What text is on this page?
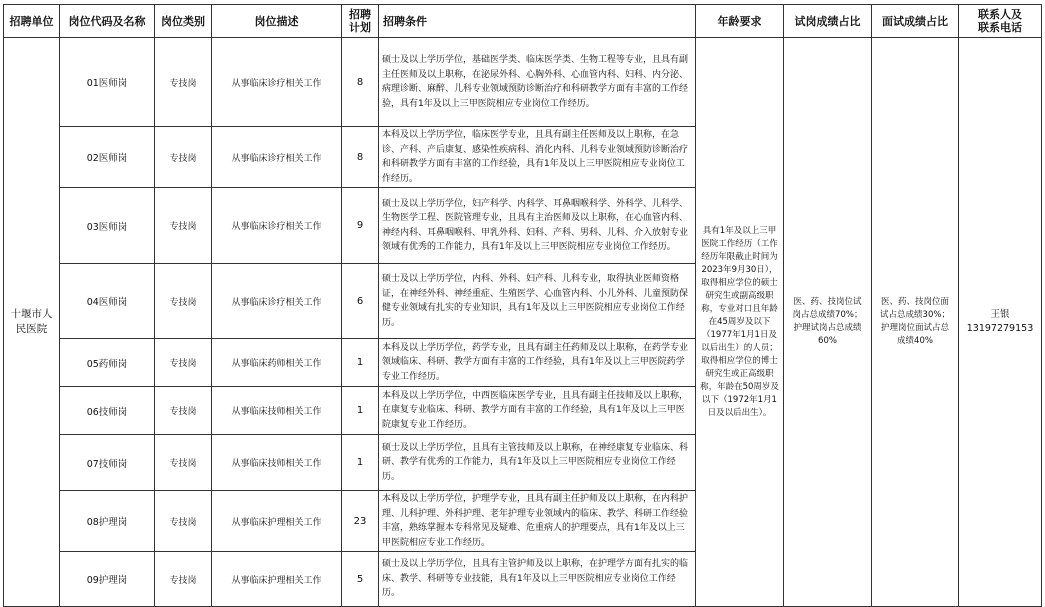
招聘单位	岗位代码及名称	岗位类别	岗位描述	招聘
计划	招聘条件	年龄要求	试岗成绩占比	面试成绩占比	联系人及
联系电话
十堰市人民医院	01医师岗	专技岗	从事临床诊疗相关工作	8	硕士及以上学历学位，基础医学类、临床医学类、生物工程等专业，且具有副主任医师及以上职称，在泌尿外科、心胸外科、心血管内科、妇科、内分泌、病理诊断、麻醉、儿科专业领域预防诊断治疗和科研教学方面有丰富的工作经验，具有1年及以上三甲医院相应专业岗位工作经历。	具有1年及以上三甲医院工作经历（工作经历年限截止时间为2023年9月30日），取得相应学位的硕士研究生或副高级职称，专业对口且年龄在45周岁及以下（1977年1月1日及以后出生）的人员；取得相应学位的博士研究生或正高级职称，年龄在50周岁及以下（1972年1月1日及以后出生）。	医、药、技岗位试岗占总成绩70%；护理试岗占总成绩60%	医、药、技岗位面试占总成绩30%；护理岗位面试占总成绩40%	王银
13197279153

	02医师岗	专技岗	从事临床诊疗相关工作	8	本科及以上学历学位，临床医学专业，且具有副主任医师及以上职称，在急诊、产科、产后康复、感染性疾病科、消化内科、儿科专业领域预防诊断治疗和科研教学方面有丰富的工作经验，具有1年及以上三甲医院相应专业岗位工作经历。				
	03医师岗	专技岗	从事临床诊疗相关工作	9	硕士及以上学历学位，妇产科学、内科学、耳鼻咽喉科学、外科学、儿科学、生物医学工程、医院管理专业，且具有主治医师及以上职称，在心血管内科、神经内科、耳鼻咽喉科、甲乳外科、妇科、产科、男科、儿科、介入放射专业领域有优秀的工作能力，具有1年及以上三甲医院相应专业岗位工作经历。				
	04医师岗	专技岗	从事临床诊疗相关工作	6	硕士及以上学历学位，内科、外科、妇产科、儿科专业，取得执业医师资格证，在神经外科、神经重症、生殖医学、心血管内科、小儿外科、儿童预防保健专业领域有扎实的专业知识，具有1年及以上三甲医院相应专业岗位工作经历。				
	05药师岗	专技岗	从事临床药师相关工作	1	本科及以上学历学位，药学专业，且具有副主任药师及以上职称，在药学专业领域临床、科研、教学方面有丰富的工作经验，具有1年及以上三甲医院药学专业工作经历。				
	06技师岗	专技岗	从事临床技师相关工作	1	本科及以上学历学位，中西医临床医学专业，且具有副主任技师及以上职称，在康复专业临床、科研、教学方面有丰富的工作经验，具有1年及以上三甲医院康复专业工作经历。				
	07技师岗	专技岗	从事临床技师相关工作	1	硕士及以上学历学位，且具有主管技师及以上职称，在神经康复专业临床、科研、教学有优秀的工作能力，具有1年及以上三甲医院相应专业岗位工作经历。				
	08护理岗	专技岗	从事临床护理相关工作	23	本科及以上学历学位，护理学专业，且具有副主任护师及以上职称，在内科护理、儿科护理、外科护理、老年护理专业领域内的临床、教学、科研工作经验丰富，熟练掌握本专科常见及疑难、危重病人的护理要点，具有1年及以上三甲医院相应专业工作经历。				
	09护理岗	专技岗	从事临床护理相关工作	5	硕士及以上学历学位，且具有主管护师及以上职称，在护理学方面有扎实的临床、教学、科研等专业技能，具有1年及以上三甲医院相应专业岗位工作经历。				
